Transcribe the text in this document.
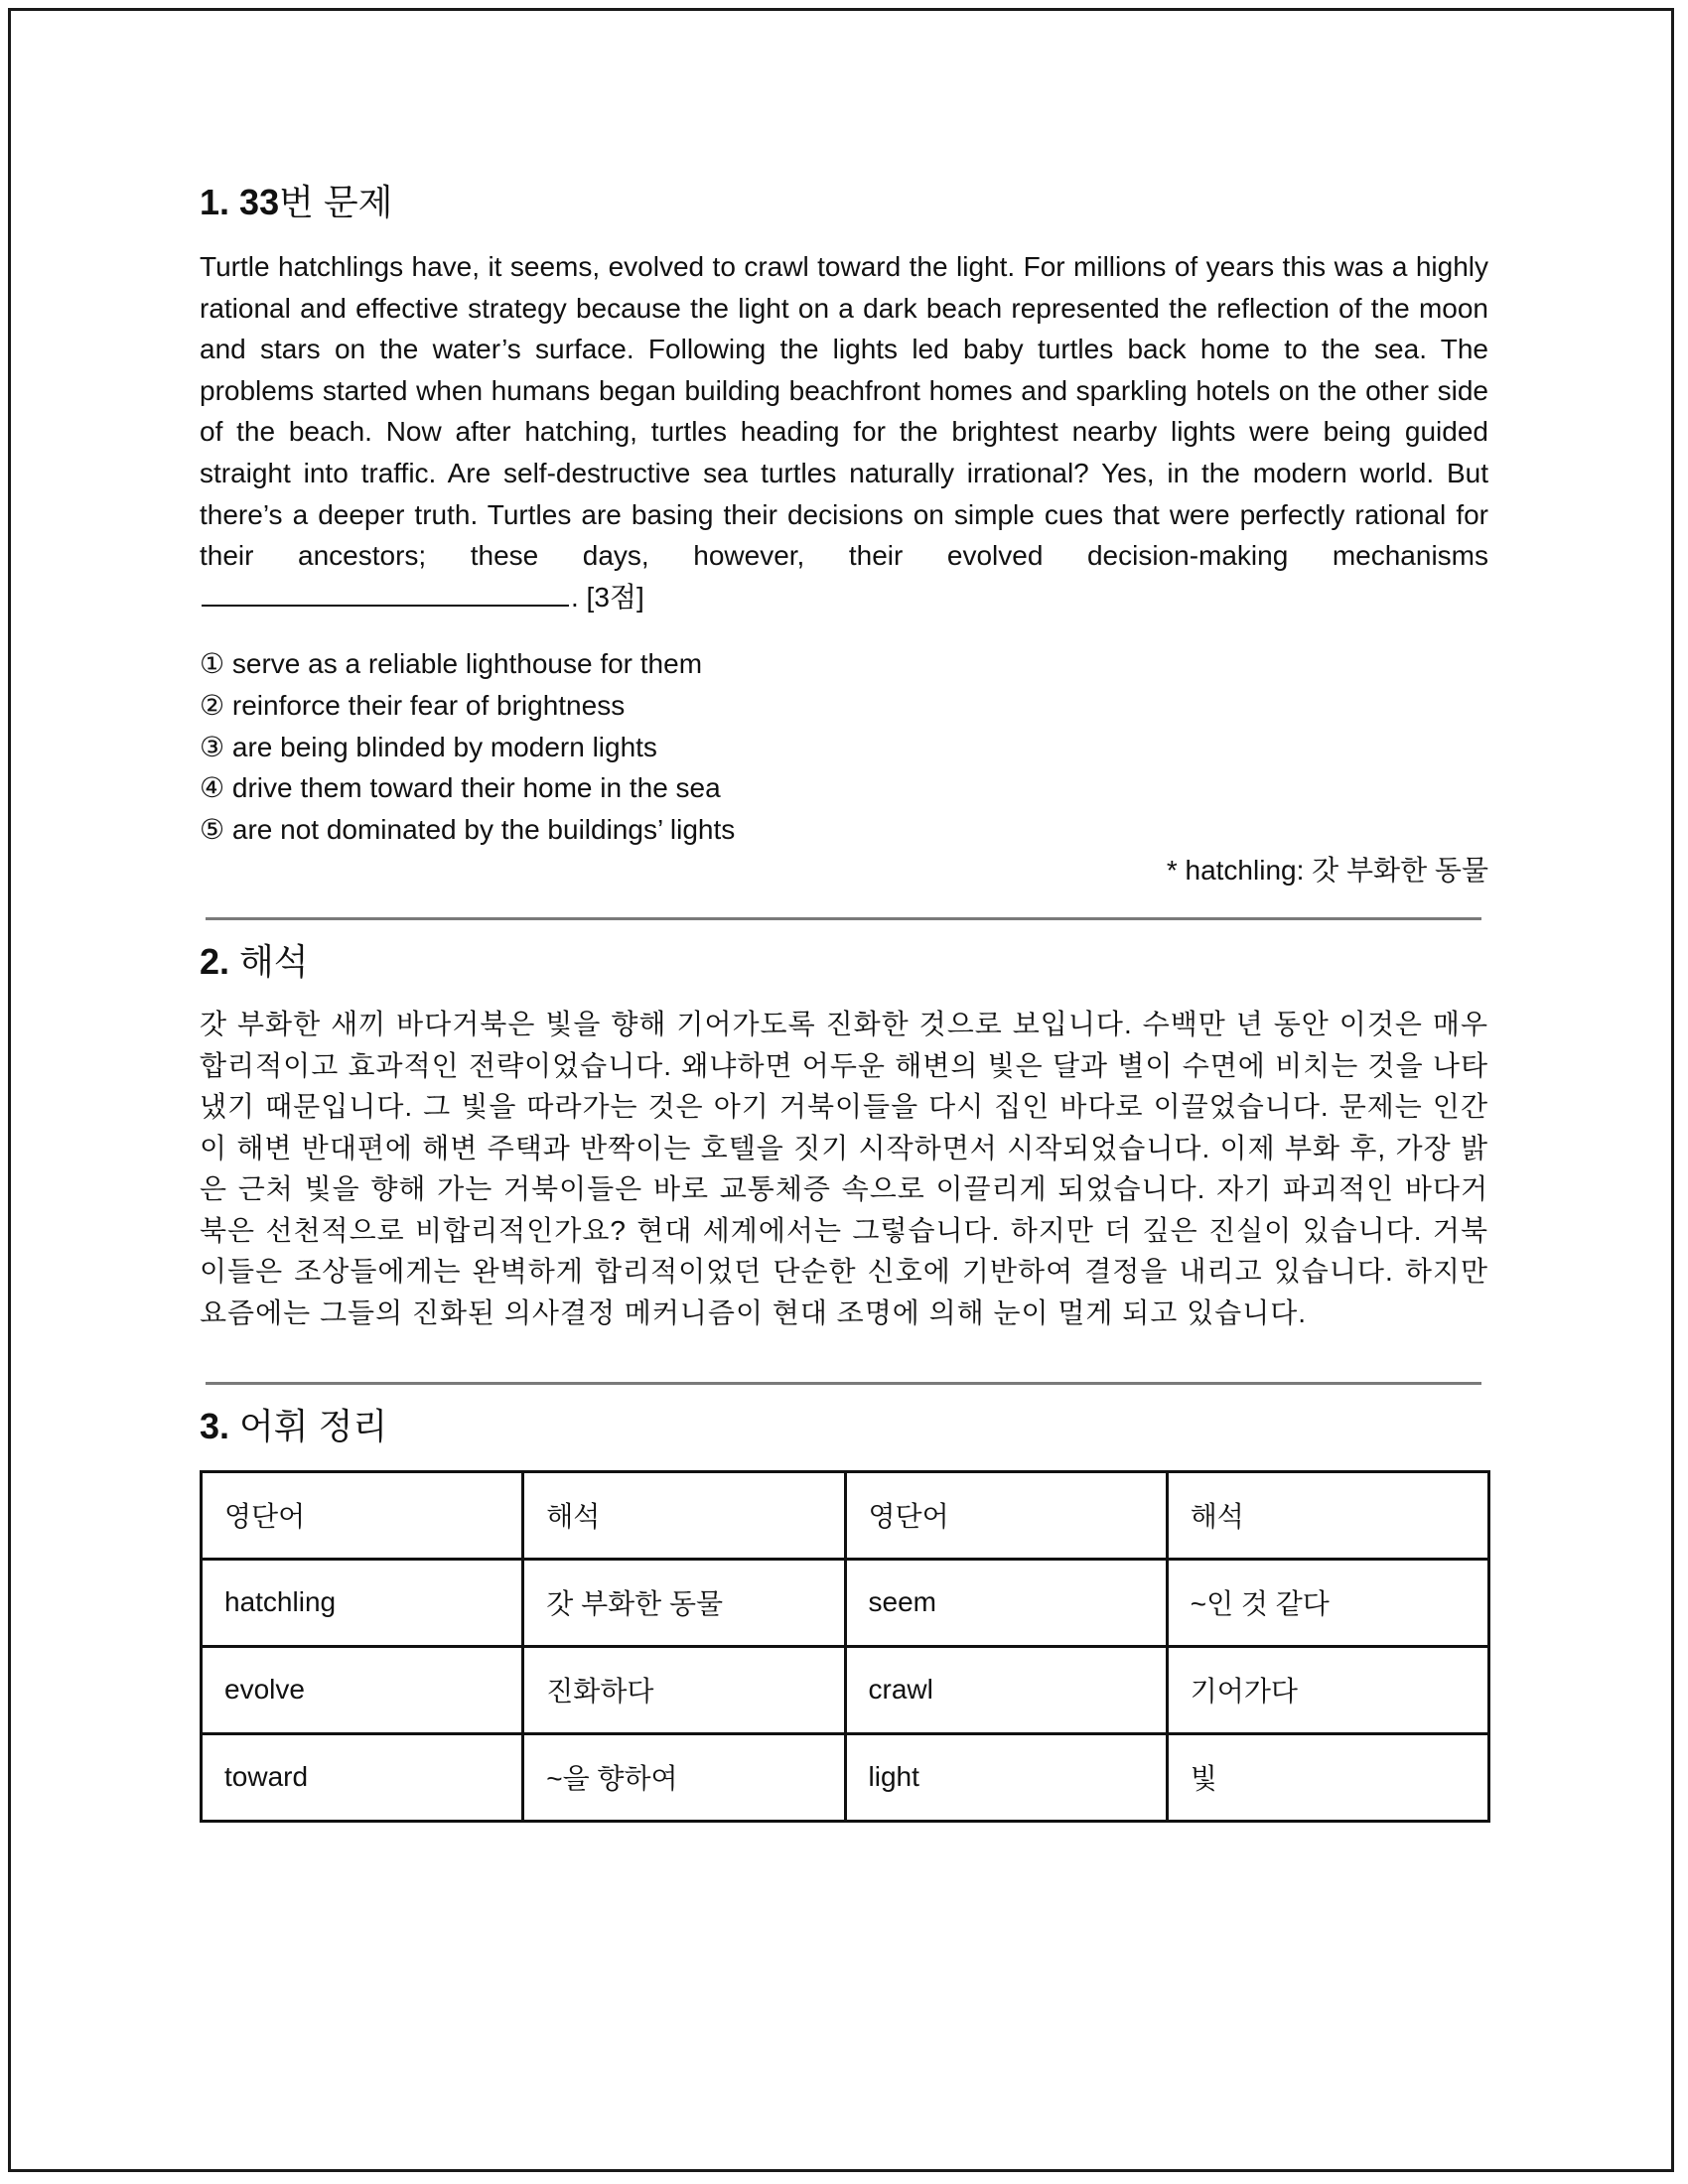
1. 33번 문제
Turtle hatchlings have, it seems, evolved to crawl toward the light. For millions of years this was a highly rational and effective strategy because the light on a dark beach represented the reflection of the moon and stars on the water’s surface. Following the lights led baby turtles back home to the sea. The problems started when humans began building beachfront homes and sparkling hotels on the other side of the beach. Now after hatching, turtles heading for the brightest nearby lights were being guided straight into traffic. Are self-destructive sea turtles naturally irrational? Yes, in the modern world. But there’s a deeper truth. Turtles are basing their decisions on simple cues that were perfectly rational for their ancestors; these days, however, their evolved decision-making mechanisms . [3점]
① serve as a reliable lighthouse for them
② reinforce their fear of brightness
③ are being blinded by modern lights
④ drive them toward their home in the sea
⑤ are not dominated by the buildings’ lights
* hatchling: 갓 부화한 동물
2. 해석
갓 부화한 새끼 바다거북은 빛을 향해 기어가도록 진화한 것으로 보입니다. 수백만 년 동안 이것은 매우 합리적이고 효과적인 전략이었습니다. 왜냐하면 어두운 해변의 빛은 달과 별이 수면에 비치는 것을 나타냈기 때문입니다. 그 빛을 따라가는 것은 아기 거북이들을 다시 집인 바다로 이끌었습니다. 문제는 인간이 해변 반대편에 해변 주택과 반짝이는 호텔을 짓기 시작하면서 시작되었습니다. 이제 부화 후, 가장 밝은 근처 빛을 향해 가는 거북이들은 바로 교통체증 속으로 이끌리게 되었습니다. 자기 파괴적인 바다거북은 선천적으로 비합리적인가요? 현대 세계에서는 그렇습니다. 하지만 더 깊은 진실이 있습니다. 거북이들은 조상들에게는 완벽하게 합리적이었던 단순한 신호에 기반하여 결정을 내리고 있습니다. 하지만 요즘에는 그들의 진화된 의사결정 메커니즘이 현대 조명에 의해 눈이 멀게 되고 있습니다.
3. 어휘 정리
영단어	해석	영단어	해석
hatchling	갓 부화한 동물	seem	~인 것 같다
evolve	진화하다	crawl	기어가다
toward	~을 향하여	light	빛
